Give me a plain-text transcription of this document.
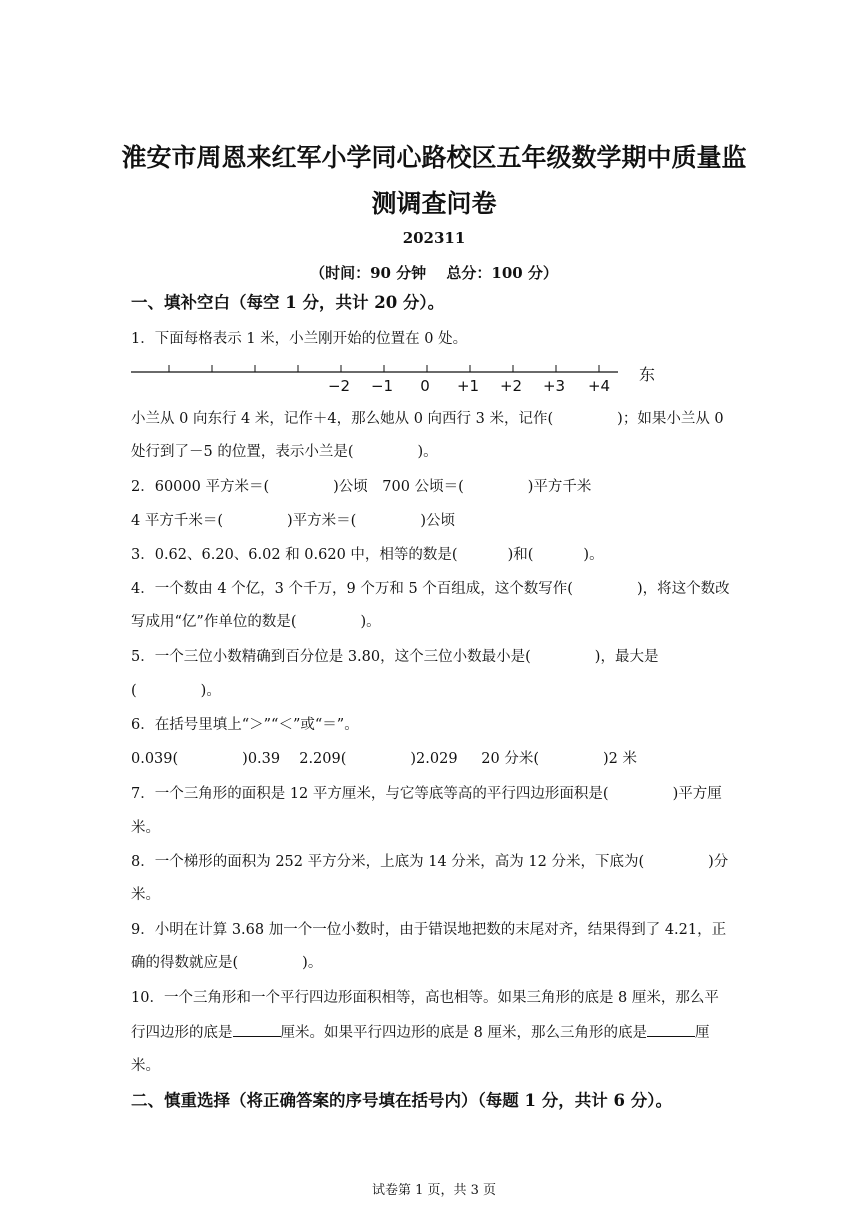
淮安市周恩来红军小学同心路校区五年级数学期中质量监
测调查问卷
202311
（时间：90 分钟　 总分：100 分）
一、填补空白（每空 1 分，共计 20 分）。
1．下面每格表示 1 米，小兰刚开始的位置在 0 处。
−2 −1 0 +1 +2 +3 +4
东
小兰从 0 向东行 4 米，记作＋4，那么她从 0 向西行 3 米，记作(	)；如果小兰从 0
处行到了－5 的位置，表示小兰是(	)。
2．60000 平方米＝(	)公顷　700 公顷＝(	)平方千米
4 平方千米＝(	)平方米＝(	)公顷
3．0.62、6.20、6.02 和 0.620 中，相等的数是(	)和(	)。
4．一个数由 4 个亿，3 个千万，9 个万和 5 个百组成，这个数写作(	)，将这个数改
写成用“亿”作单位的数是(	)。
5．一个三位小数精确到百分位是 3.80，这个三位小数最小是(	)，最大是
(	)。
6．在括号里填上“＞”“＜”或“＝”。
0.039(	)0.39　 2.209(	)2.029　  20 分米(	)2 米
7．一个三角形的面积是 12 平方厘米，与它等底等高的平行四边形面积是(	)平方厘
米。
8．一个梯形的面积为 252 平方分米，上底为 14 分米，高为 12 分米，下底为(	)分
米。
9．小明在计算 3.68 加一个一位小数时，由于错误地把数的末尾对齐，结果得到了 4.21，正
确的得数就应是(	)。
10．一个三角形和一个平行四边形面积相等，高也相等。如果三角形的底是 8 厘米，那么平
行四边形的底是	厘米。如果平行四边形的底是 8 厘米，那么三角形的底是	厘
米。
二、慎重选择（将正确答案的序号填在括号内）（每题 1 分，共计 6 分）。
试卷第 1 页，共 3 页
